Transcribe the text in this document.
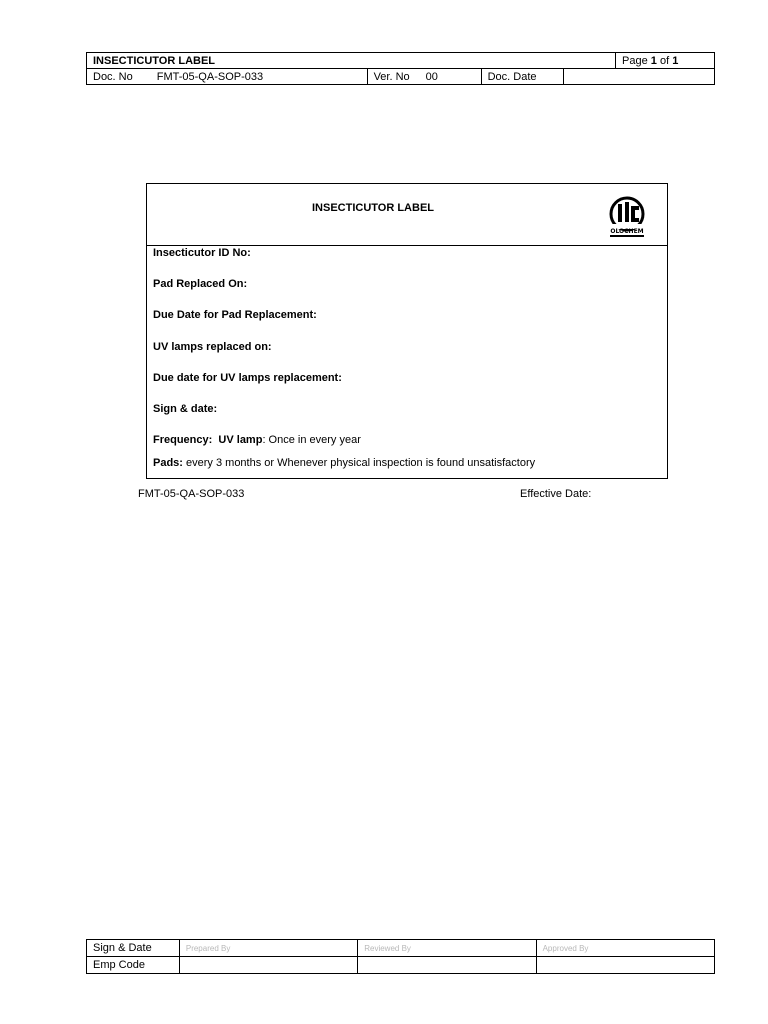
INSECTICUTOR LABEL				Page 1 of 1
Doc. No FMT-05-QA-SOP-033	Ver. No 00	Doc. Date		
INSECTICUTOR LABEL
OLOCHEM
Insecticutor ID No:
Pad Replaced On:
Due Date for Pad Replacement:
UV lamps replaced on:
Due date for UV lamps replacement:
Sign & date:
Frequency: UV lamp: Once in every year
Pads: every 3 months or Whenever physical inspection is found unsatisfactory
FMT-05-QA-SOP-033	Effective Date:
Sign & Date	Prepared By	Reviewed By	Approved By
Emp Code			
